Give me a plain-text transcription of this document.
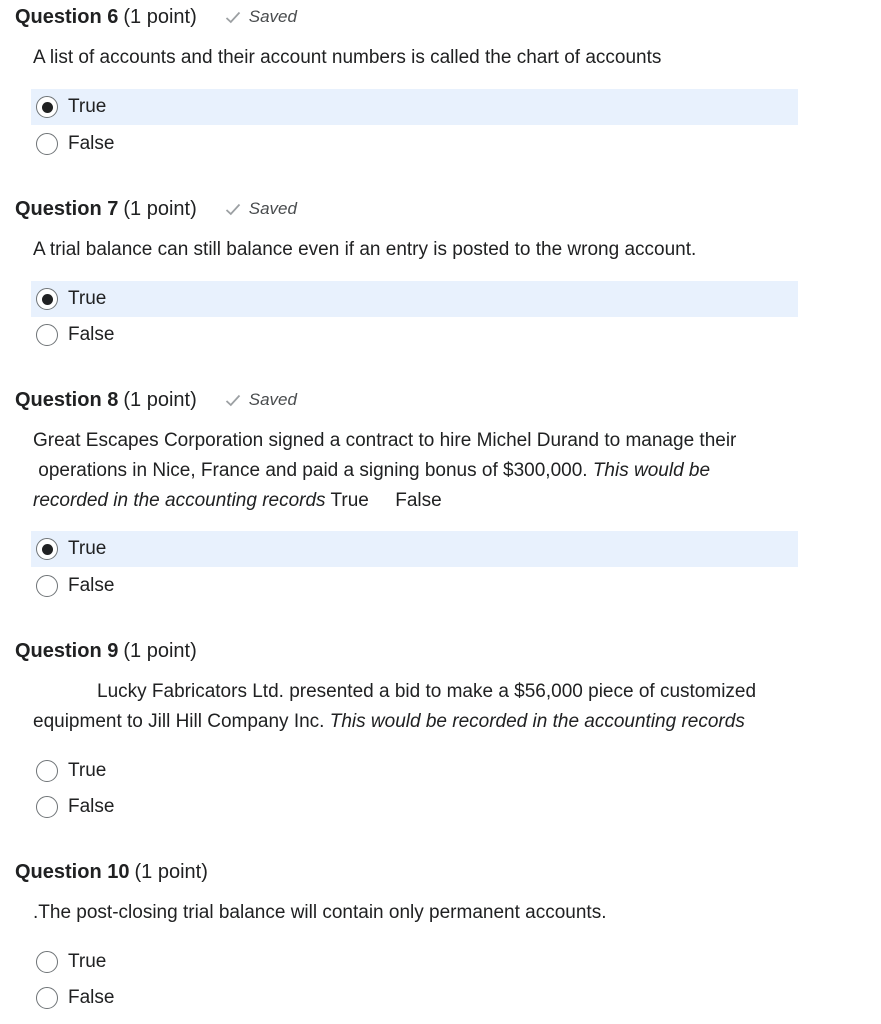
Question 6 (1 point)	Saved
A list of accounts and their account numbers is called the chart of accounts
True
False
Question 7 (1 point)	Saved
A trial balance can still balance even if an entry is posted to the wrong account.
True
False
Question 8 (1 point)	Saved
Great Escapes Corporation signed a contract to hire Michel Durand to manage their
operations in Nice, France and paid a signing bonus of $300,000. This would be
recorded in the accounting records True     False
True
False
Question 9 (1 point)
Lucky Fabricators Ltd. presented a bid to make a $56,000 piece of customized
equipment to Jill Hill Company Inc. This would be recorded in the accounting records
True
False
Question 10 (1 point)
.The post-closing trial balance will contain only permanent accounts.
True
False
